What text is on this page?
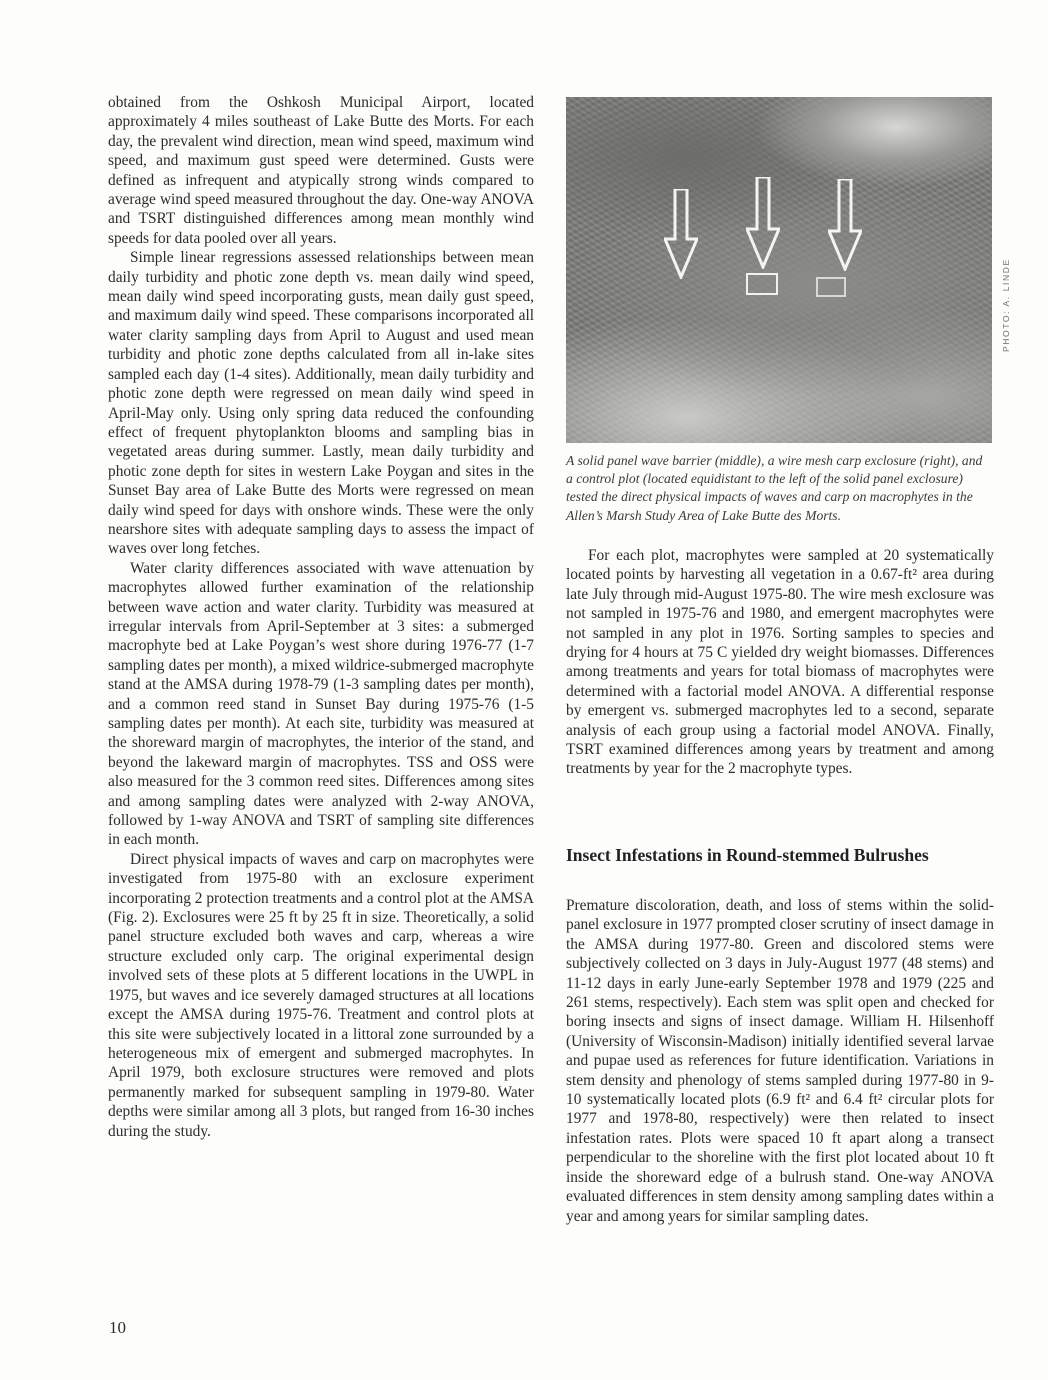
obtained from the Oshkosh Municipal Airport, located approximately 4 miles southeast of Lake Butte des Morts. For each day, the prevalent wind direction, mean wind speed, maximum wind speed, and maximum gust speed were determined. Gusts were defined as infrequent and atypically strong winds compared to average wind speed measured throughout the day. One-way ANOVA and TSRT distinguished differences among mean monthly wind speeds for data pooled over all years.

Simple linear regressions assessed relationships between mean daily turbidity and photic zone depth vs. mean daily wind speed, mean daily wind speed incorporating gusts, mean daily gust speed, and maximum daily wind speed. These comparisons incorporated all water clarity sampling days from April to August and used mean turbidity and photic zone depths calculated from all in-lake sites sampled each day (1-4 sites). Additionally, mean daily turbidity and photic zone depth were regressed on mean daily wind speed in April-May only. Using only spring data reduced the confounding effect of frequent phytoplankton blooms and sampling bias in vegetated areas during summer. Lastly, mean daily turbidity and photic zone depth for sites in western Lake Poygan and sites in the Sunset Bay area of Lake Butte des Morts were regressed on mean daily wind speed for days with onshore winds. These were the only nearshore sites with adequate sampling days to assess the impact of waves over long fetches.

Water clarity differences associated with wave attenuation by macrophytes allowed further examination of the relationship between wave action and water clarity. Turbidity was measured at irregular intervals from April-September at 3 sites: a submerged macrophyte bed at Lake Poygan’s west shore during 1976-77 (1-7 sampling dates per month), a mixed wildrice-submerged macrophyte stand at the AMSA during 1978-79 (1-3 sampling dates per month), and a common reed stand in Sunset Bay during 1975-76 (1-5 sampling dates per month). At each site, turbidity was measured at the shoreward margin of macrophytes, the interior of the stand, and beyond the lakeward margin of macrophytes. TSS and OSS were also measured for the 3 common reed sites. Differences among sites and among sampling dates were analyzed with 2-way ANOVA, followed by 1-way ANOVA and TSRT of sampling site differences in each month.

Direct physical impacts of waves and carp on macrophytes were investigated from 1975-80 with an exclosure experiment incorporating 2 protection treatments and a control plot at the AMSA (Fig. 2). Exclosures were 25 ft by 25 ft in size. Theoretically, a solid panel structure excluded both waves and carp, whereas a wire structure excluded only carp. The original experimental design involved sets of these plots at 5 different locations in the UWPL in 1975, but waves and ice severely damaged structures at all locations except the AMSA during 1975-76. Treatment and control plots at this site were subjectively located in a littoral zone surrounded by a heterogeneous mix of emergent and submerged macrophytes. In April 1979, both exclosure structures were removed and plots permanently marked for subsequent sampling in 1979-80. Water depths were similar among all 3 plots, but ranged from 16-30 inches during the study.

PHOTO: A. LINDE
A solid panel wave barrier (middle), a wire mesh carp exclosure (right), and a control plot (located equidistant to the left of the solid panel exclosure) tested the direct physical impacts of waves and carp on macrophytes in the Allen’s Marsh Study Area of Lake Butte des Morts.

For each plot, macrophytes were sampled at 20 systematically located points by harvesting all vegetation in a 0.67-ft² area during late July through mid-August 1975-80. The wire mesh exclosure was not sampled in 1975-76 and 1980, and emergent macrophytes were not sampled in any plot in 1976. Sorting samples to species and drying for 4 hours at 75 C yielded dry weight biomasses. Differences among treatments and years for total biomass of macrophytes were determined with a factorial model ANOVA. A differential response by emergent vs. submerged macrophytes led to a second, separate analysis of each group using a factorial model ANOVA. Finally, TSRT examined differences among years by treatment and among treatments by year for the 2 macrophyte types.

Insect Infestations in Round-stemmed Bulrushes

Premature discoloration, death, and loss of stems within the solid-panel exclosure in 1977 prompted closer scrutiny of insect damage in the AMSA during 1977-80. Green and discolored stems were subjectively collected on 3 days in July-August 1977 (48 stems) and 11-12 days in early June-early September 1978 and 1979 (225 and 261 stems, respectively). Each stem was split open and checked for boring insects and signs of insect damage. William H. Hilsenhoff (University of Wisconsin-Madison) initially identified several larvae and pupae used as references for future identification. Variations in stem density and phenology of stems sampled during 1977-80 in 9-10 systematically located plots (6.9 ft² and 6.4 ft² circular plots for 1977 and 1978-80, respectively) were then related to insect infestation rates. Plots were spaced 10 ft apart along a transect perpendicular to the shoreline with the first plot located about 10 ft inside the shoreward edge of a bulrush stand. One-way ANOVA evaluated differences in stem density among sampling dates within a year and among years for similar sampling dates.

10
